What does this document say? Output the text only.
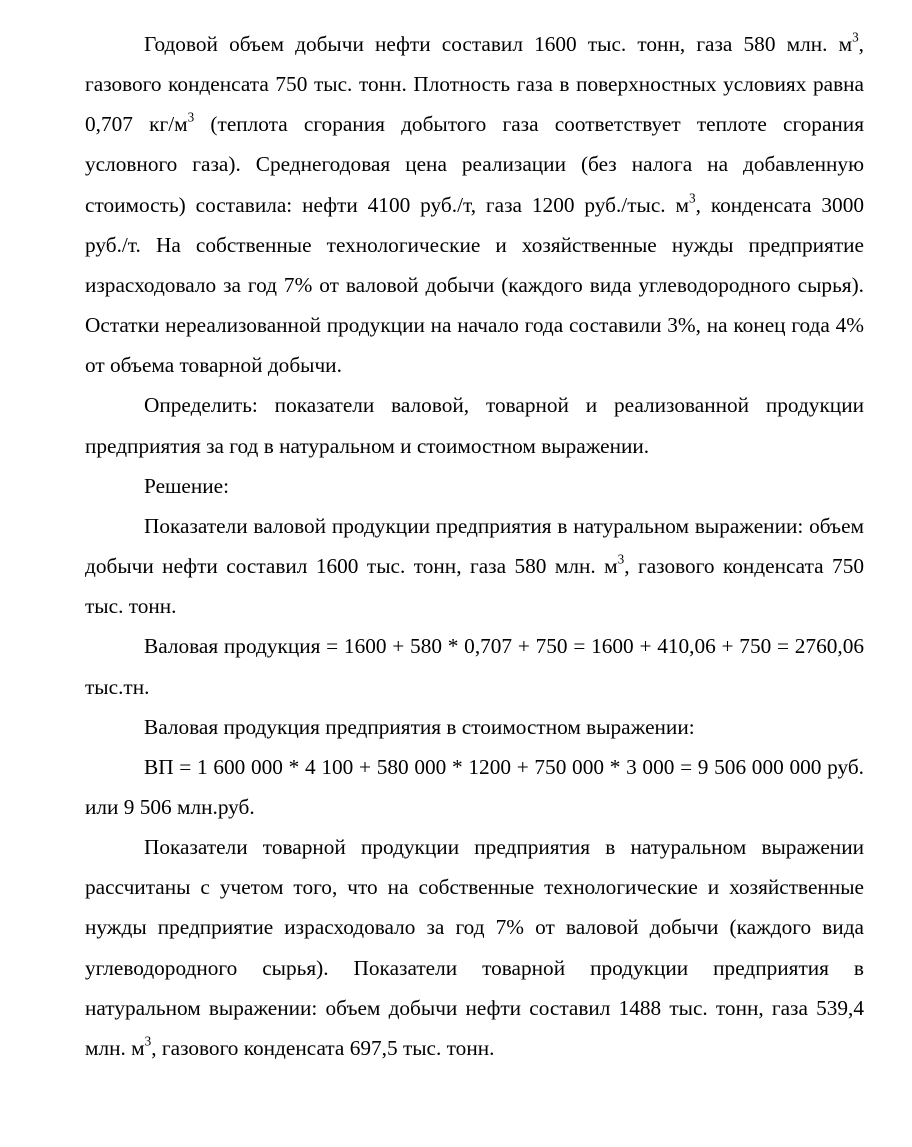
Годовой объем добычи нефти составил 1600 тыс. тонн, газа 580 млн. $м^3$, газового конденсата 750 тыс. тонн. Плотность газа в поверхностных условиях равна 0,707 $кг/м^3$ (теплота сгорания добытого газа соответствует теплоте сгорания условного газа). Среднегодовая цена реализации (без налога на добавленную стоимость) составила: нефти 4100 руб./т, газа 1200 руб./тыс. $м^3$, конденсата 3000 руб./т. На собственные технологические и хозяйственные нужды предприятие израсходовало за год 7% от валовой добычи (каждого вида углеводородного сырья). Остатки нереализованной продукции на начало года составили 3%, на конец года 4% от объема товарной добычи.

Определить: показатели валовой, товарной и реализованной продукции предприятия за год в натуральном и стоимостном выражении.

Решение:

Показатели валовой продукции предприятия в натуральном выражении: объем добычи нефти составил 1600 тыс. тонн, газа 580 млн. $м^3$, газового конденсата 750 тыс. тонн.

Валовая продукция = 1600 + 580 * 0,707 + 750 = 1600 + 410,06 + 750 = 2760,06 тыс.тн.

Валовая продукция предприятия в стоимостном выражении:

ВП = 1 600 000 * 4 100 + 580 000 * 1200 + 750 000 * 3 000 = 9 506 000 000 руб. или 9 506 млн.руб.

Показатели товарной продукции предприятия в натуральном выражении рассчитаны с учетом того, что на собственные технологические и хозяйственные нужды предприятие израсходовало за год 7% от валовой добычи (каждого вида углеводородного сырья). Показатели товарной продукции предприятия в натуральном выражении: объем добычи нефти составил 1488 тыс. тонн, газа 539,4 млн. $м^3$, газового конденсата 697,5 тыс. тонн.
